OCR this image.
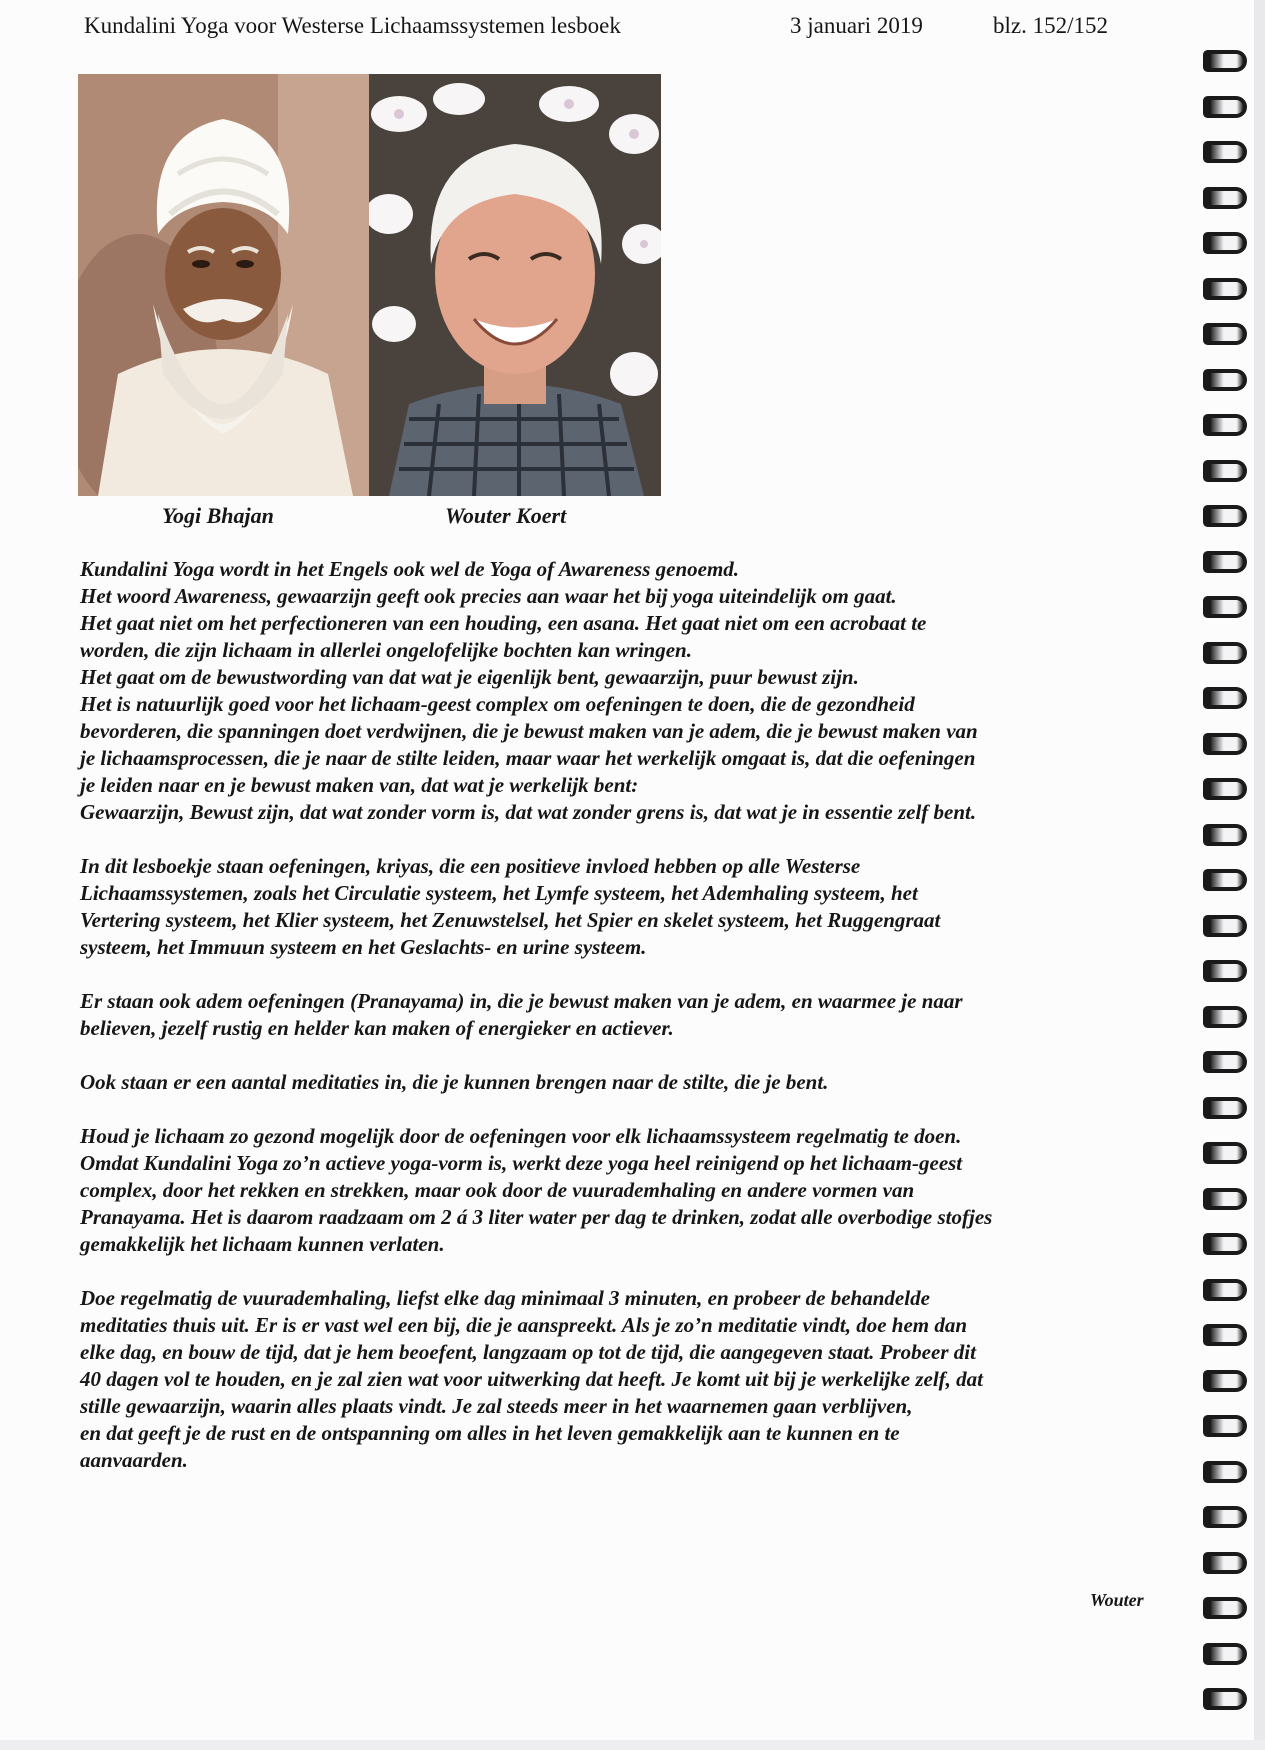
Kundalini Yoga voor Westerse Lichaamssystemen lesboek	3 januari 2019	blz. 152/152
Yogi Bhajan	Wouter Koert

Kundalini Yoga wordt in het Engels ook wel de Yoga of Awareness genoemd.
Het woord Awareness, gewaarzijn geeft ook precies aan waar het bij yoga uiteindelijk om gaat.
Het gaat niet om het perfectioneren van een houding, een asana. Het gaat niet om een acrobaat te
worden, die zijn lichaam in allerlei ongelofelijke bochten kan wringen.
Het gaat om de bewustwording van dat wat je eigenlijk bent, gewaarzijn, puur bewust zijn.
Het is natuurlijk goed voor het lichaam-geest complex om oefeningen te doen, die de gezondheid
bevorderen, die spanningen doet verdwijnen, die je bewust maken van je adem, die je bewust maken van
je lichaamsprocessen, die je naar de stilte leiden, maar waar het werkelijk omgaat is, dat die oefeningen
je leiden naar en je bewust maken van, dat wat je werkelijk bent:
Gewaarzijn, Bewust zijn, dat wat zonder vorm is, dat wat zonder grens is, dat wat je in essentie zelf bent.

In dit lesboekje staan oefeningen, kriyas, die een positieve invloed hebben op alle Westerse
Lichaamssystemen, zoals het Circulatie systeem, het Lymfe systeem, het Ademhaling systeem, het
Vertering systeem, het Klier systeem, het Zenuwstelsel, het Spier en skelet systeem, het Ruggengraat
systeem, het Immuun systeem en het Geslachts- en urine systeem.

Er staan ook adem oefeningen (Pranayama) in, die je bewust maken van je adem, en waarmee je naar
believen, jezelf rustig en helder kan maken of energieker en actiever.

Ook staan er een aantal meditaties in, die je kunnen brengen naar de stilte, die je bent.

Houd je lichaam zo gezond mogelijk door de oefeningen voor elk lichaamssysteem regelmatig te doen.
Omdat Kundalini Yoga zo’n actieve yoga-vorm is, werkt deze yoga heel reinigend op het lichaam-geest
complex, door het rekken en strekken, maar ook door de vuurademhaling en andere vormen van
Pranayama. Het is daarom raadzaam om 2 á 3 liter water per dag te drinken, zodat alle overbodige stofjes
gemakkelijk het lichaam kunnen verlaten.

Doe regelmatig de vuurademhaling, liefst elke dag minimaal 3 minuten, en probeer de behandelde
meditaties thuis uit. Er is er vast wel een bij, die je aanspreekt. Als je zo’n meditatie vindt, doe hem dan
elke dag, en bouw de tijd, dat je hem beoefent, langzaam op tot de tijd, die aangegeven staat. Probeer dit
40 dagen vol te houden, en je zal zien wat voor uitwerking dat heeft. Je komt uit bij je werkelijke zelf, dat
stille gewaarzijn, waarin alles plaats vindt. Je zal steeds meer in het waarnemen gaan verblijven,
en dat geeft je de rust en de ontspanning om alles in het leven gemakkelijk aan te kunnen en te
aanvaarden.

Wouter
